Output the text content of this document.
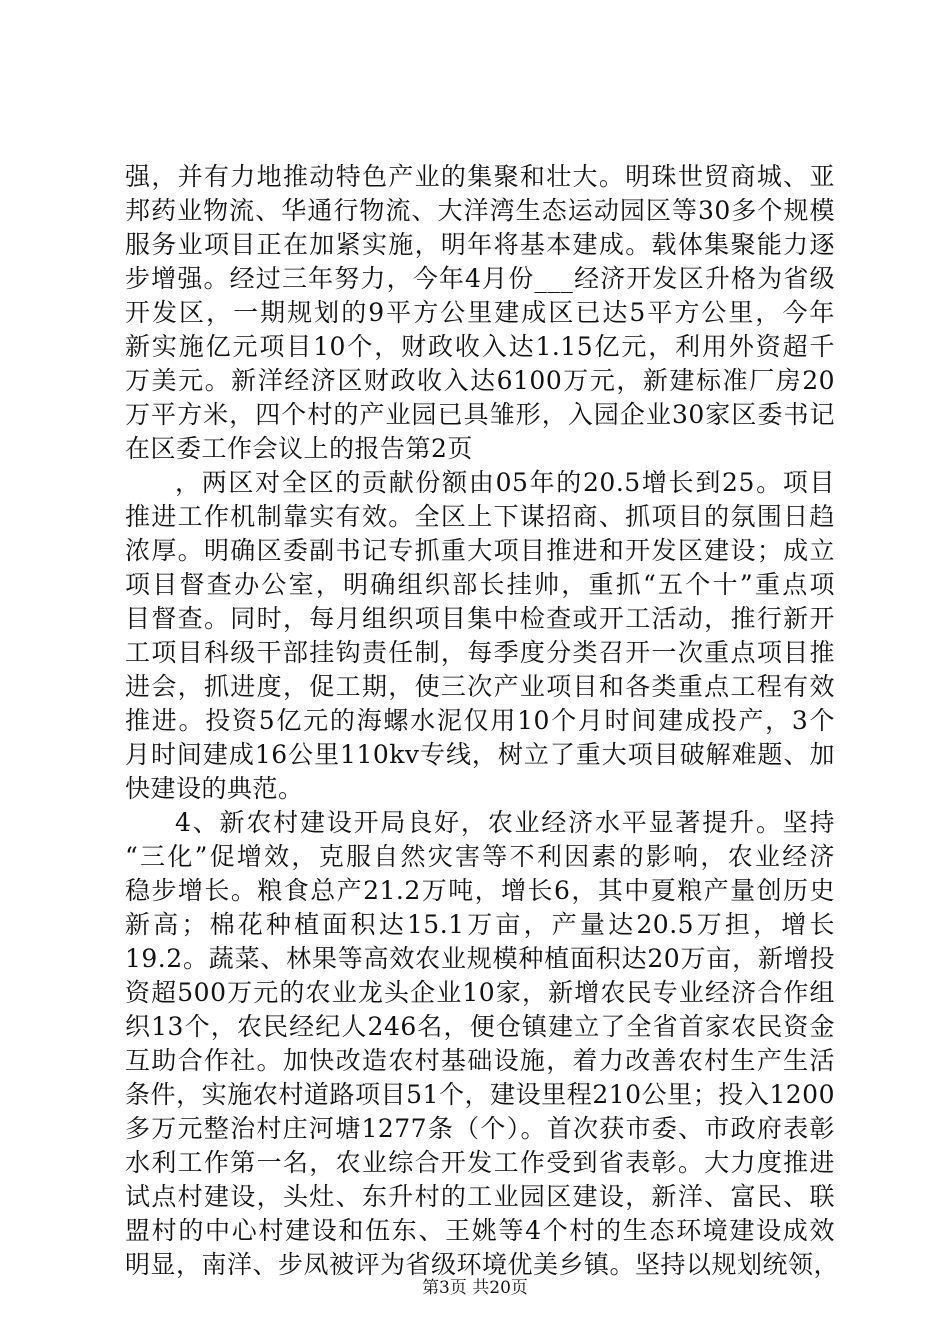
强，并有力地推动特色产业的集聚和壮大。明珠世贸商城、亚
邦药业物流、华通行物流、大洋湾生态运动园区等30多个规模
服务业项目正在加紧实施，明年将基本建成。载体集聚能力逐
步增强。经过三年努力，今年4月份___经济开发区升格为省级
开发区，一期规划的9平方公里建成区已达5平方公里，今年
新实施亿元项目10个，财政收入达1.15亿元，利用外资超千
万美元。新洋经济区财政收入达6100万元，新建标准厂房20
万平方米，四个村的产业园已具雏形，入园企业30家区委书记
在区委工作会议上的报告第2页
，两区对全区的贡献份额由05年的20.5增长到25。项目
推进工作机制靠实有效。全区上下谋招商、抓项目的氛围日趋
浓厚。明确区委副书记专抓重大项目推进和开发区建设；成立
项目督查办公室，明确组织部长挂帅，重抓“五个十”重点项
目督查。同时，每月组织项目集中检查或开工活动，推行新开
工项目科级干部挂钩责任制，每季度分类召开一次重点项目推
进会，抓进度，促工期，使三次产业项目和各类重点工程有效
推进。投资5亿元的海螺水泥仅用10个月时间建成投产，3个
月时间建成16公里110kv专线，树立了重大项目破解难题、加
快建设的典范。
4、新农村建设开局良好，农业经济水平显著提升。坚持
“三化”促增效，克服自然灾害等不利因素的影响，农业经济
稳步增长。粮食总产21.2万吨，增长6，其中夏粮产量创历史
新高；棉花种植面积达15.1万亩，产量达20.5万担，增长
19.2。蔬菜、林果等高效农业规模种植面积达20万亩，新增投
资超500万元的农业龙头企业10家，新增农民专业经济合作组
织13个，农民经纪人246名，便仓镇建立了全省首家农民资金
互助合作社。加快改造农村基础设施，着力改善农村生产生活
条件，实施农村道路项目51个，建设里程210公里；投入1200
多万元整治村庄河塘1277条（个）。首次获市委、市政府表彰
水利工作第一名，农业综合开发工作受到省表彰。大力度推进
试点村建设，头灶、东升村的工业园区建设，新洋、富民、联
盟村的中心村建设和伍东、王姚等4个村的生态环境建设成效
明显，南洋、步凤被评为省级环境优美乡镇。坚持以规划统领，
第3页 共20页
